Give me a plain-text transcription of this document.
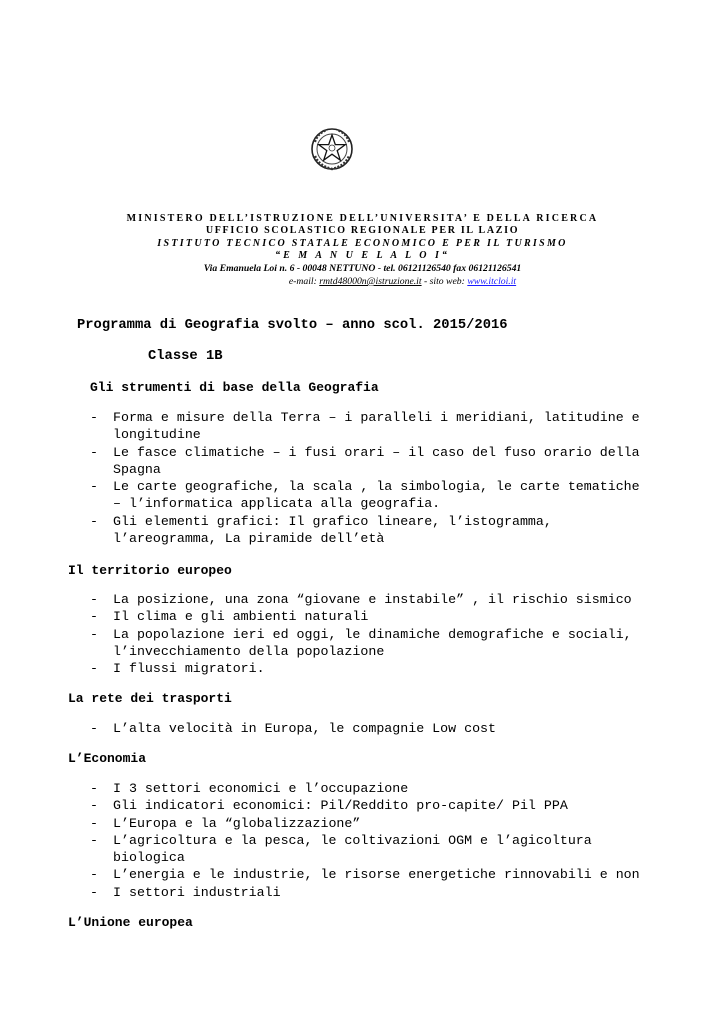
MINISTERO DELL’ISTRUZIONE DELL’UNIVERSITA’ E DELLA RICERCA
UFFICIO SCOLASTICO REGIONALE PER IL LAZIO
ISTITUTO TECNICO STATALE ECONOMICO E PER IL TURISMO
“E M A N U E L A L O I“
Via Emanuela Loi n. 6 - 00048 NETTUNO - tel. 06121126540 fax 06121126541
e-mail: rmtd48000n@istruzione.it - sito web: www.itcloi.it
Programma di Geografia svolto – anno scol. 2015/2016
Classe 1B
Gli strumenti di base della Geografia
- Forma e misure della Terra – i paralleli i meridiani, latitudine e
longitudine
- Le fasce climatiche – i fusi orari – il caso del fuso orario della
Spagna
- Le carte geografiche, la scala , la simbologia, le carte tematiche
– l’informatica applicata alla geografia.
- Gli elementi grafici: Il grafico lineare, l’istogramma,
l’areogramma, La piramide dell’età
Il territorio europeo
- La posizione, una zona “giovane e instabile” , il rischio sismico
- Il clima e gli ambienti naturali
- La popolazione ieri ed oggi, le dinamiche demografiche e sociali,
l’invecchiamento della popolazione
- I flussi migratori.
La rete dei trasporti
- L’alta velocità in Europa, le compagnie Low cost
L’Economia
- I 3 settori economici e l’occupazione
- Gli indicatori economici: Pil/Reddito pro-capite/ Pil PPA
- L’Europa e la “globalizzazione”
- L’agricoltura e la pesca, le coltivazioni OGM e l’agicoltura
biologica
- L’energia e le industrie, le risorse energetiche rinnovabili e non
- I settori industriali
L’Unione europea
